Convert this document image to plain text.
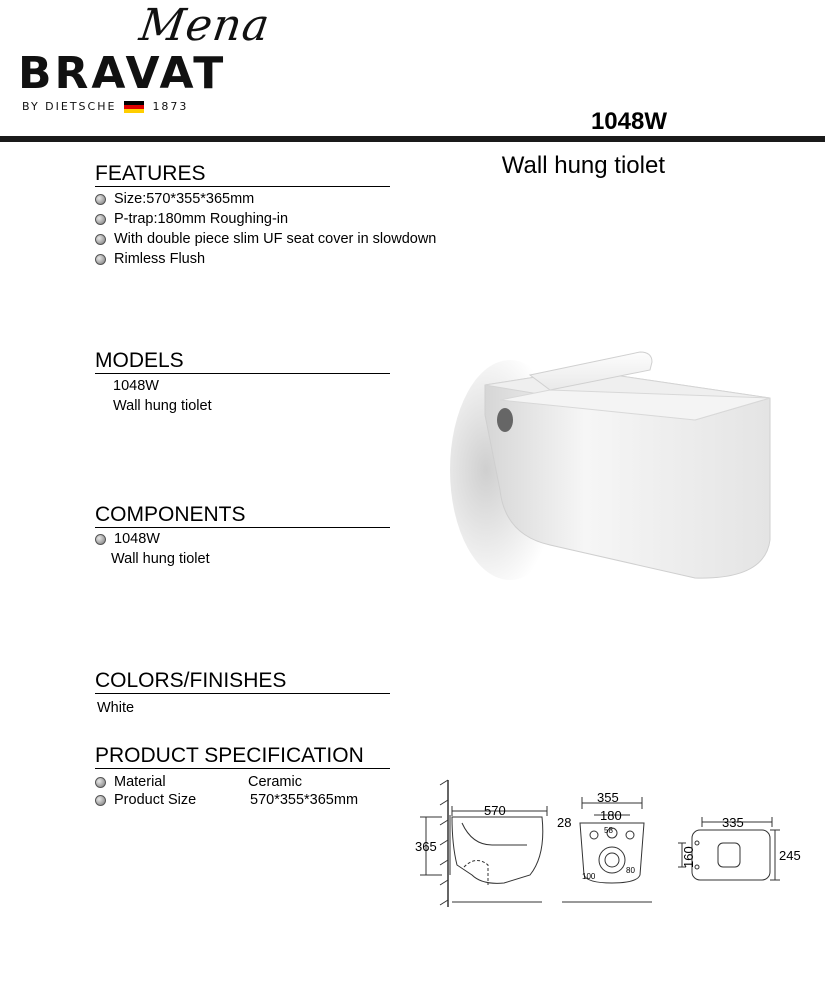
Mena
BRAVAT
BY DIETSCHE	1873
1048W
Wall hung tiolet
FEATURES
Size:570*355*365mm
P-trap:180mm Roughing-in
With double piece slim UF seat cover in slowdown
Rimless Flush
MODELS
1048W
Wall hung tiolet
COMPONENTS
1048W
Wall hung tiolet
COLORS/FINISHES
White
PRODUCT SPECIFICATION
Material	Ceramic
Product Size	570*355*365mm
570
365
355
180
28
58
100
80
335
160	245
